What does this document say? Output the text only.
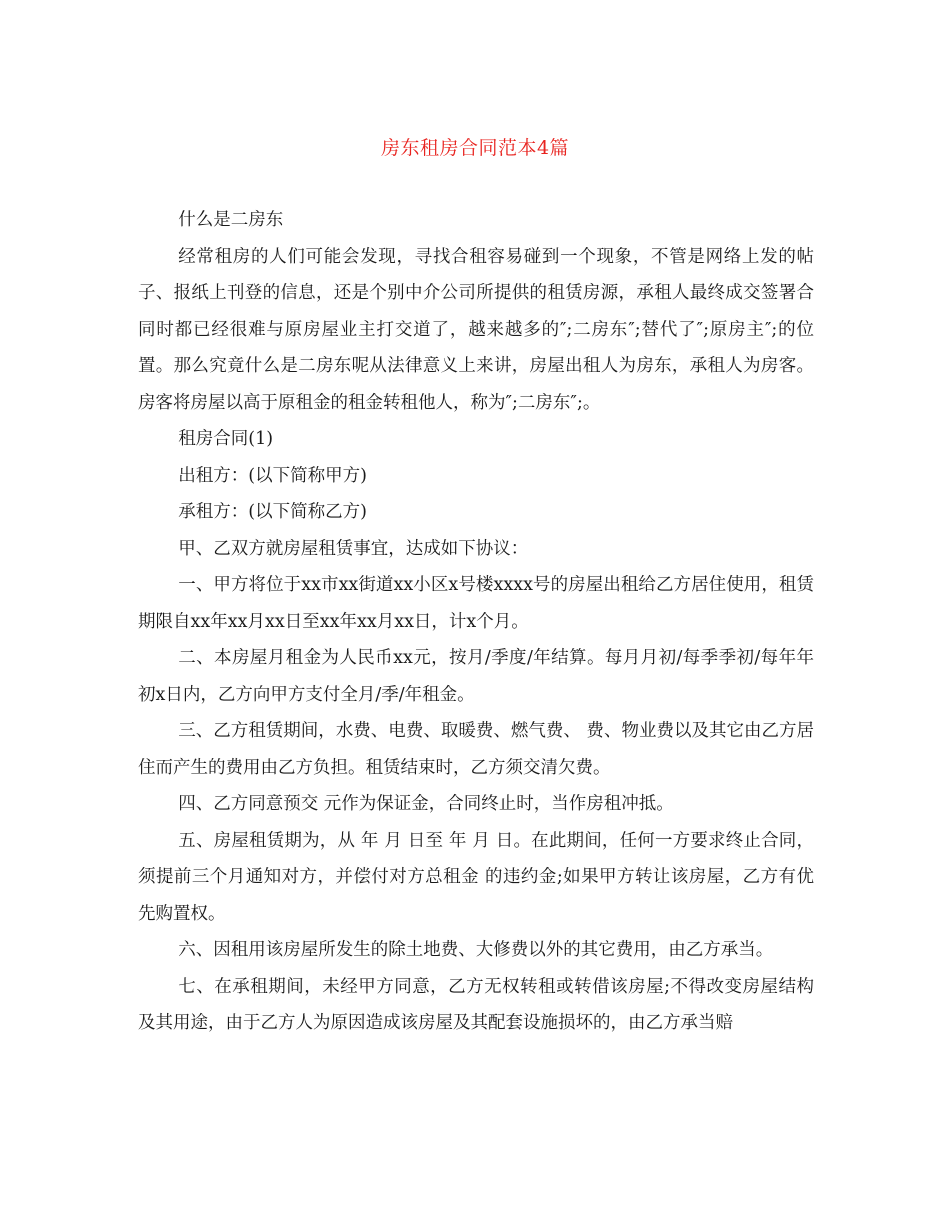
房东租房合同范本4篇

什么是二房东

经常租房的人们可能会发现，寻找合租容易碰到一个现象，不管是网络上发的帖子、报纸上刊登的信息，还是个别中介公司所提供的租赁房源，承租人最终成交签署合同时都已经很难与原房屋业主打交道了，越来越多的″;二房东″;替代了″;原房主″;的位置。那么究竟什么是二房东呢从法律意义上来讲，房屋出租人为房东，承租人为房客。房客将房屋以高于原租金的租金转租他人，称为″;二房东″;。

租房合同(1)

出租方：(以下简称甲方)

承租方：(以下简称乙方)

甲、乙双方就房屋租赁事宜，达成如下协议：

一、甲方将位于xx市xx街道xx小区x号楼xxxx号的房屋出租给乙方居住使用，租赁期限自xx年xx月xx日至xx年xx月xx日，计x个月。

二、本房屋月租金为人民币xx元，按月/季度/年结算。每月月初/每季季初/每年年初x日内，乙方向甲方支付全月/季/年租金。

三、乙方租赁期间，水费、电费、取暖费、燃气费、 费、物业费以及其它由乙方居住而产生的费用由乙方负担。租赁结束时，乙方须交清欠费。

四、乙方同意预交 元作为保证金，合同终止时，当作房租冲抵。

五、房屋租赁期为，从 年 月 日至 年 月 日。在此期间，任何一方要求终止合同，须提前三个月通知对方，并偿付对方总租金 的违约金;如果甲方转让该房屋，乙方有优先购置权。

六、因租用该房屋所发生的除土地费、大修费以外的其它费用，由乙方承当。

七、在承租期间，未经甲方同意，乙方无权转租或转借该房屋;不得改变房屋结构及其用途，由于乙方人为原因造成该房屋及其配套设施损坏的，由乙方承当赔
